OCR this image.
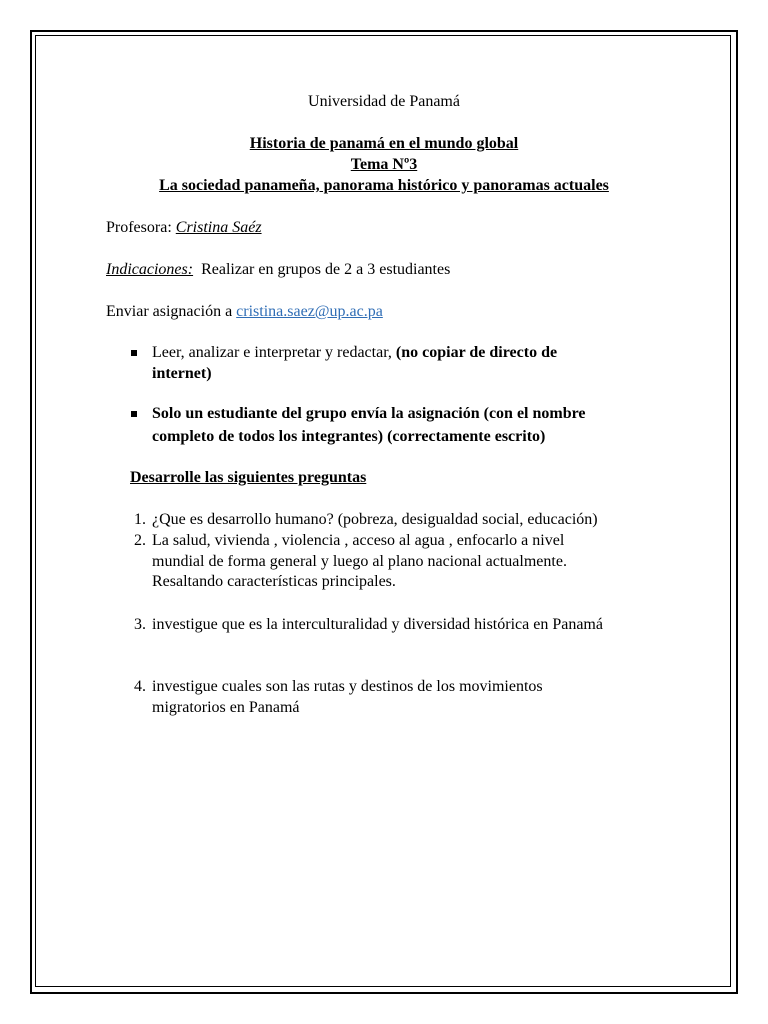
Universidad de Panamá
Historia de panamá en el mundo global
Tema Nº3
La sociedad panameña, panorama histórico y panoramas actuales
Profesora: Cristina Saéz
Indicaciones: Realizar en grupos de 2 a 3 estudiantes
Enviar asignación a cristina.saez@up.ac.pa
Leer, analizar e interpretar y redactar, (no copiar de directo de
internet)
Solo un estudiante del grupo envía la asignación (con el nombre
completo de todos los integrantes) (correctamente escrito)
Desarrolle las siguientes preguntas
1. ¿Que es desarrollo humano? (pobreza, desigualdad social, educación)
2. La salud, vivienda , violencia , acceso al agua , enfocarlo a nivel
mundial de forma general y luego al plano nacional actualmente.
Resaltando características principales.
3. investigue que es la interculturalidad y diversidad histórica en Panamá
4. investigue cuales son las rutas y destinos de los movimientos
migratorios en Panamá
